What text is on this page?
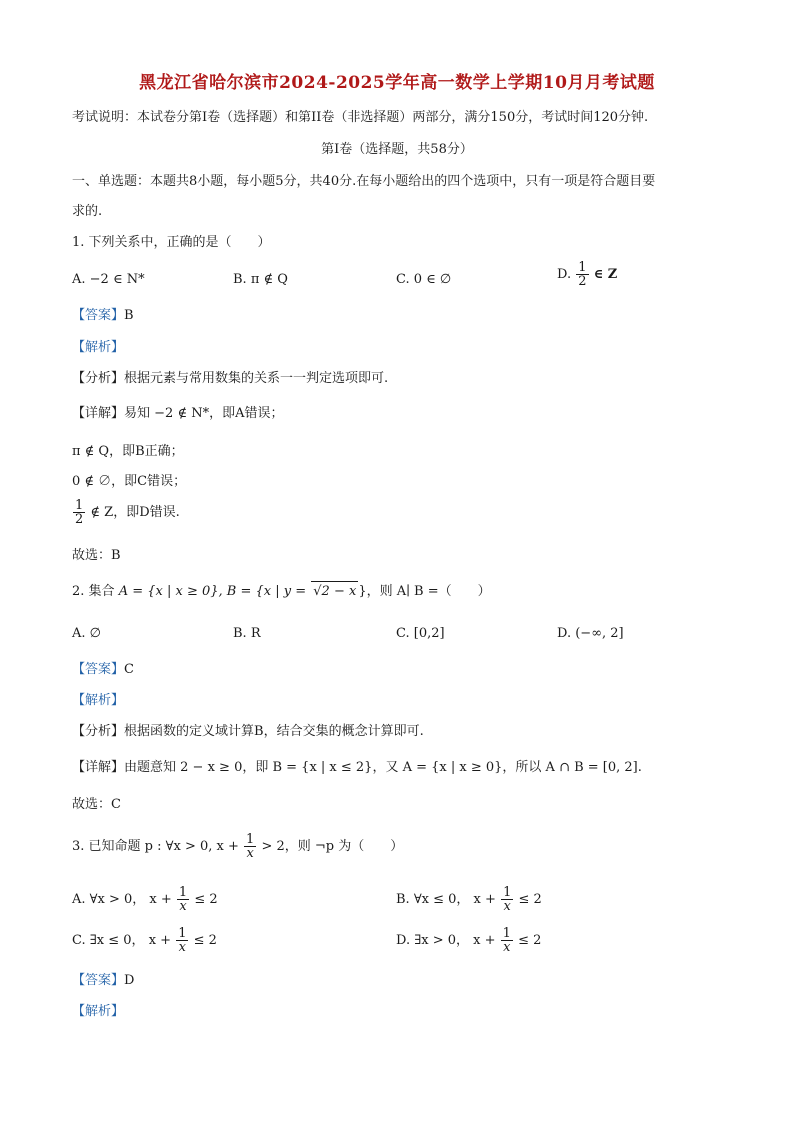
黑龙江省哈尔滨市2024-2025学年高一数学上学期10月月考试题
考试说明：本试卷分第I卷（选择题）和第II卷（非选择题）两部分，满分150分，考试时间120分钟.
第I卷（选择题，共58分）
一、单选题：本题共8小题，每小题5分，共40分.在每小题给出的四个选项中，只有一项是符合题目要
求的.
1. 下列关系中，正确的是（　　）
A. −2 ∈ N*	B. π ∉ Q	C. 0 ∈ ∅	D. $\frac{1}{2}$ ∈ Z
【答案】B
【解析】
【分析】根据元素与常用数集的关系一一判定选项即可.
【详解】易知 −2 ∉ N*，即A错误；
π ∉ Q，即B正确；
0 ∉ ∅，即C错误；
$\frac{1}{2}$ ∉ Z，即D错误.
故选：B
2. 集合 A = {x | x ≥ 0}, B = {x | y = √2 − x }，则 A∣ B =（　　）
A. ∅	B. R	C. [0,2]	D. (−∞, 2]
【答案】C
【解析】
【分析】根据函数的定义域计算B，结合交集的概念计算即可.
【详解】由题意知 2 − x ≥ 0，即 B = {x | x ≤ 2}，又 A = {x | x ≥ 0}，所以 A ∩ B = [0, 2].
故选：C
3. 已知命题 p : ∀x > 0, $x + \frac{1}{x} > 2$，则 ¬p 为（　　）
A. ∀x > 0， $x + \frac{1}{x} \le 2$	B. ∀x ≤ 0， $x + \frac{1}{x} \le 2$
C. ∃x ≤ 0， $x + \frac{1}{x} \le 2$	D. ∃x > 0， $x + \frac{1}{x} \le 2$
【答案】D
【解析】
